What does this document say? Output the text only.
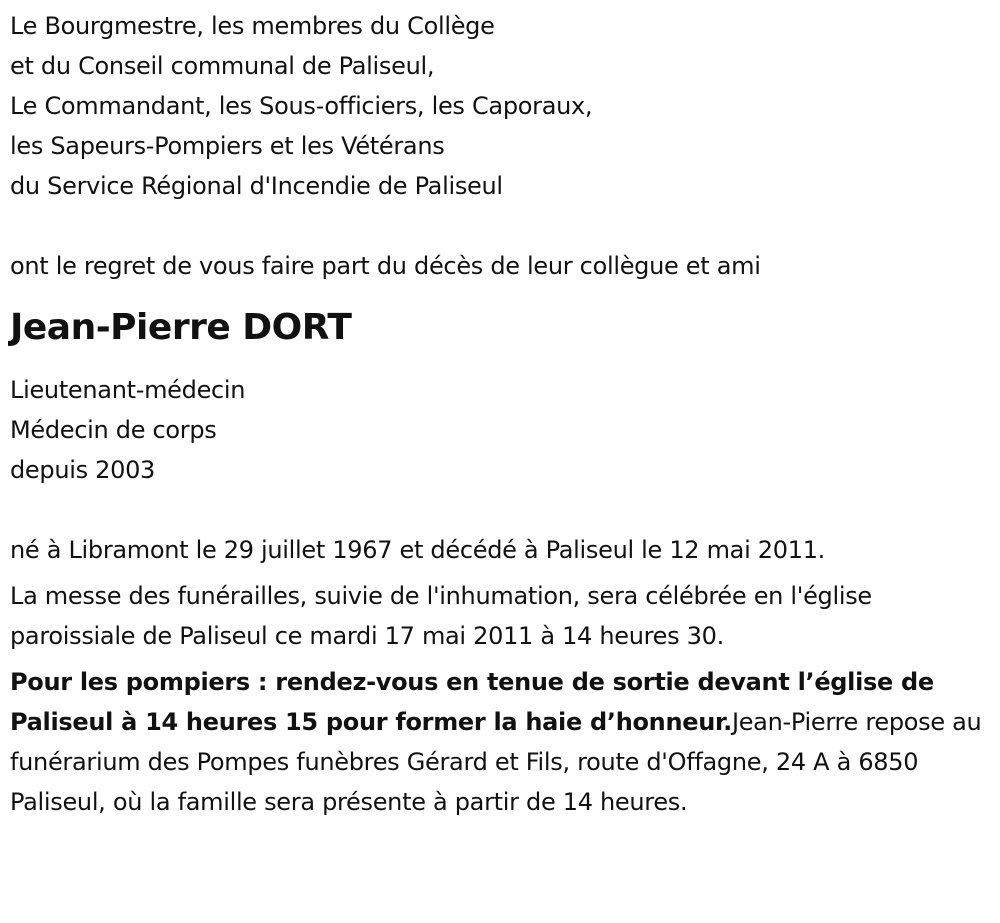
Le Bourgmestre, les membres du Collège
et du Conseil communal de Paliseul,
Le Commandant, les Sous-officiers, les Caporaux,
les Sapeurs-Pompiers et les Vétérans
du Service Régional d'Incendie de Paliseul
ont le regret de vous faire part du décès de leur collègue et ami
Jean-Pierre DORT
Lieutenant-médecin
Médecin de corps
depuis 2003
né à Libramont le 29 juillet 1967 et décédé à Paliseul le 12 mai 2011.
La messe des funérailles, suivie de l'inhumation, sera célébrée en l'église paroissiale de Paliseul ce mardi 17 mai 2011 à 14 heures 30.
Pour les pompiers : rendez-vous en tenue de sortie devant l’église de Paliseul à 14 heures 15 pour former la haie d’honneur.Jean-Pierre repose au funérarium des Pompes funèbres Gérard et Fils, route d'Offagne, 24 A à 6850 Paliseul, où la famille sera présente à partir de 14 heures.
